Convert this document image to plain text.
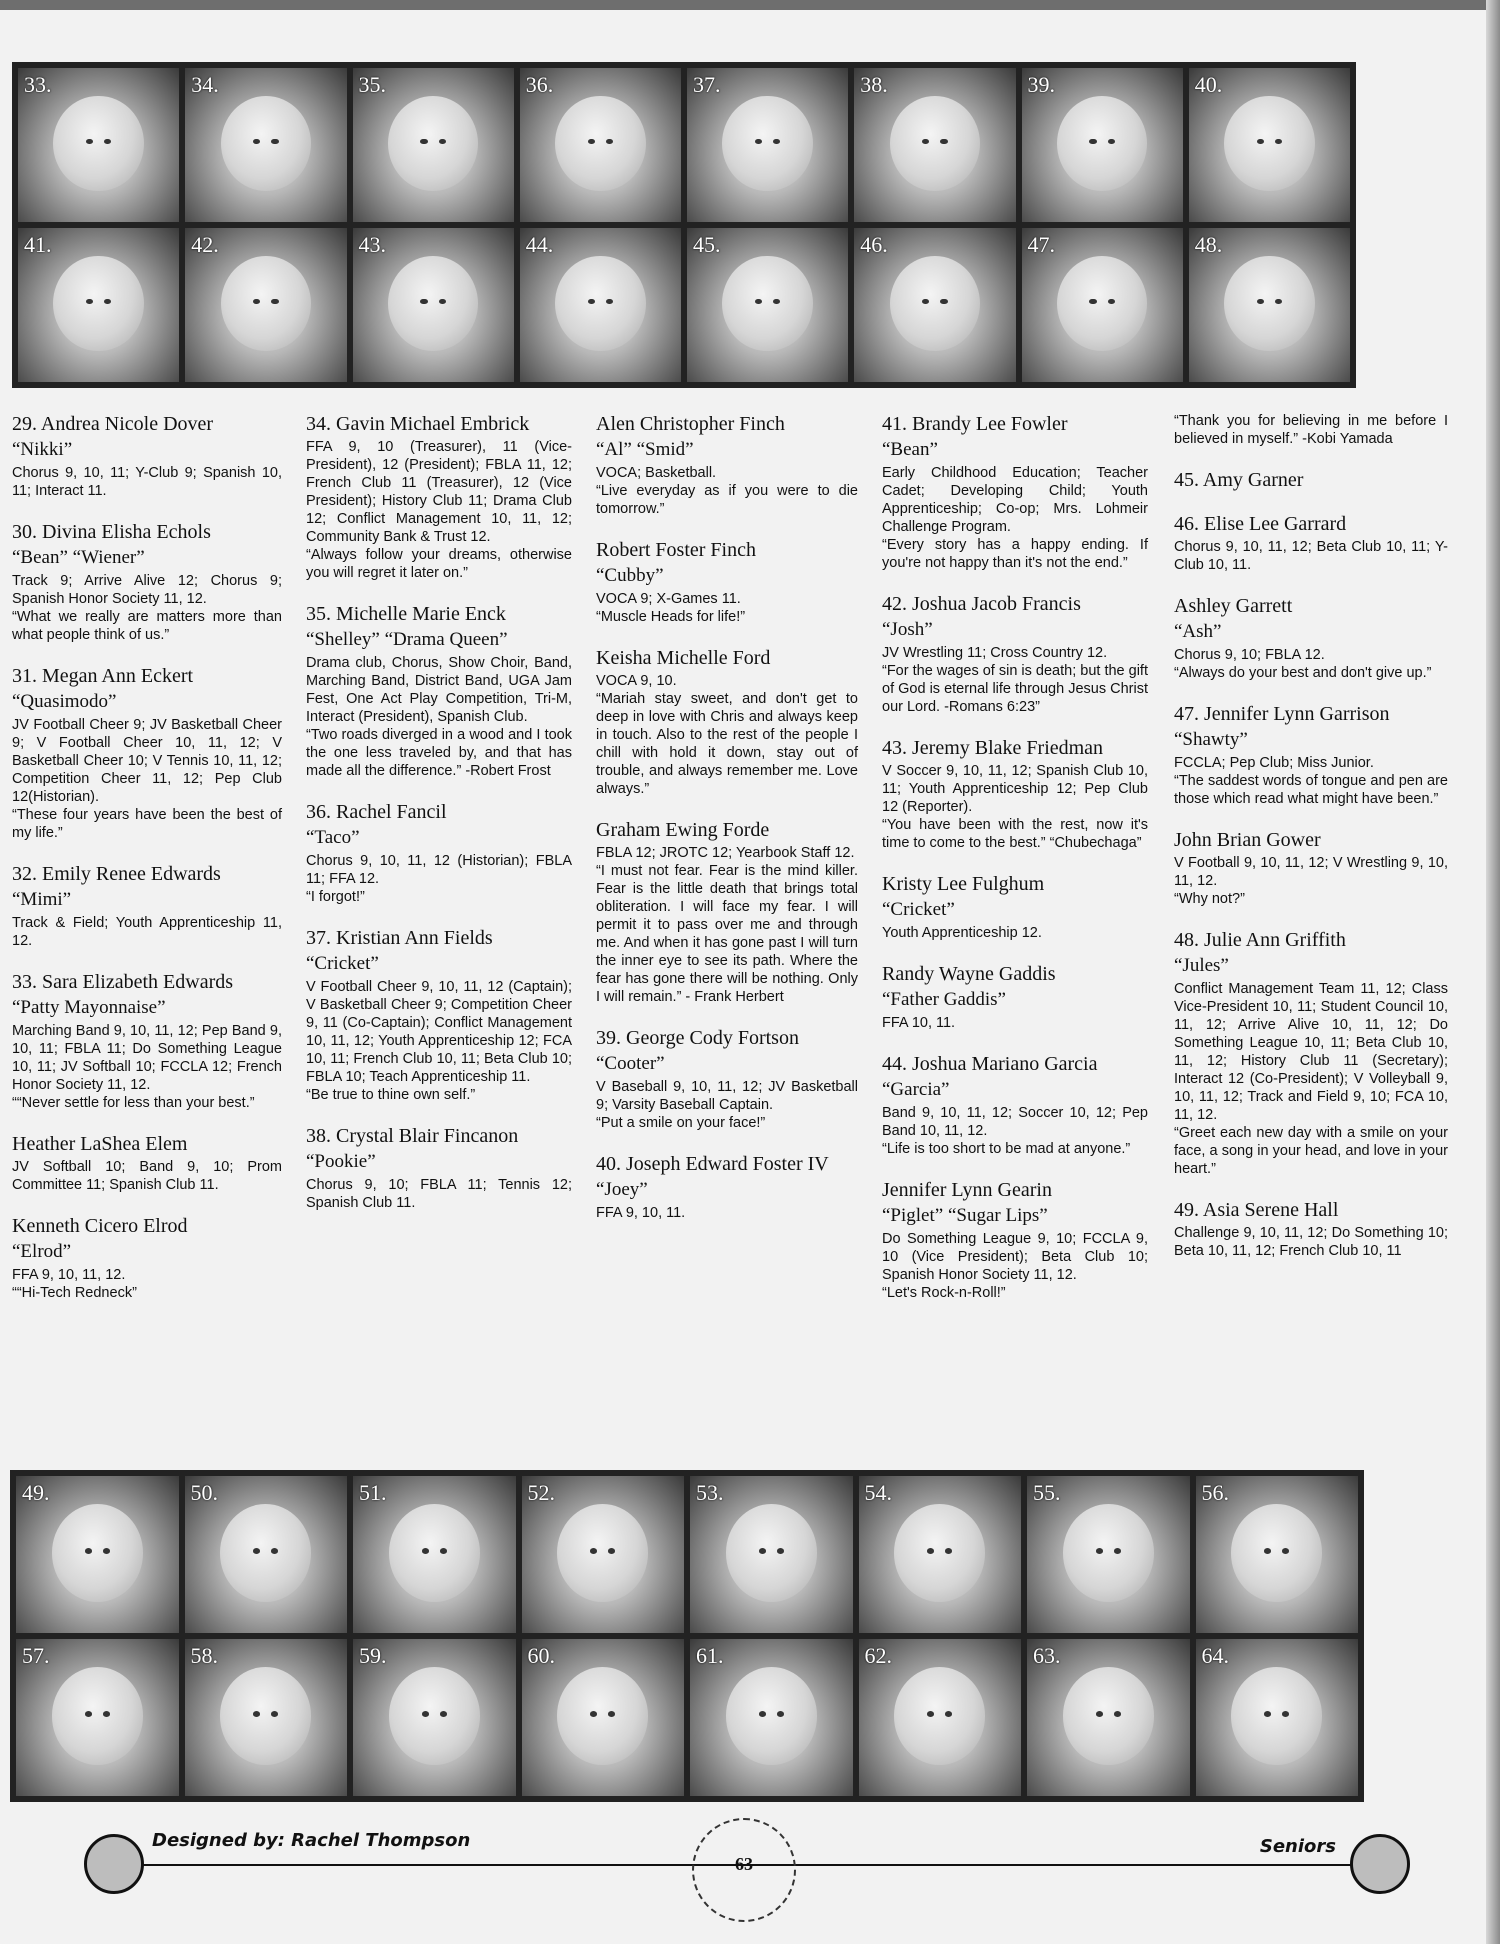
33.	34.	35.	36.	37.	38.	39.	40.
41.	42.	43.	44.	45.	46.	47.	48.
29. Andrea Nicole Dover
“Nikki”
Chorus 9, 10, 11; Y-Club 9; Spanish 10, 11; Interact 11.
30. Divina Elisha Echols
“Bean” “Wiener”
Track 9; Arrive Alive 12; Chorus 9; Spanish Honor Society 11, 12.
“What we really are matters more than what people think of us.”
31. Megan Ann Eckert
“Quasimodo”
JV Football Cheer 9; JV Basketball Cheer 9; V Football Cheer 10, 11, 12; V Basketball Cheer 10; V Tennis 10, 11, 12; Competition Cheer 11, 12; Pep Club 12(Historian).
“These four years have been the best of my life.”
32. Emily Renee Edwards
“Mimi”
Track & Field; Youth Apprenticeship 11, 12.
33. Sara Elizabeth Edwards
“Patty Mayonnaise”
Marching Band 9, 10, 11, 12; Pep Band 9, 10, 11; FBLA 11; Do Something League 10, 11; JV Softball 10; FCCLA 12; French Honor Society 11, 12.
““Never settle for less than your best.”
Heather LaShea Elem
JV Softball 10; Band 9, 10; Prom Committee 11; Spanish Club 11.
Kenneth Cicero Elrod
“Elrod”
FFA 9, 10, 11, 12.
““Hi-Tech Redneck”
34. Gavin Michael Embrick
FFA 9, 10 (Treasurer), 11 (Vice-President), 12 (President); FBLA 11, 12; French Club 11 (Treasurer), 12 (Vice President); History Club 11; Drama Club 12; Conflict Management 10, 11, 12; Community Bank & Trust 12.
“Always follow your dreams, otherwise you will regret it later on.”
35. Michelle Marie Enck
“Shelley” “Drama Queen”
Drama club, Chorus, Show Choir, Band, Marching Band, District Band, UGA Jam Fest, One Act Play Competition, Tri-M, Interact (President), Spanish Club.
“Two roads diverged in a wood and I took the one less traveled by, and that has made all the difference.” -Robert Frost
36. Rachel Fancil
“Taco”
Chorus 9, 10, 11, 12 (Historian); FBLA 11; FFA 12.
“I forgot!”
37. Kristian Ann Fields
“Cricket”
V Football Cheer 9, 10, 11, 12 (Captain); V Basketball Cheer 9; Competition Cheer 9, 11 (Co-Captain); Conflict Management 10, 11, 12; Youth Apprenticeship 12; FCA 10, 11; French Club 10, 11; Beta Club 10; FBLA 10; Teach Apprenticeship 11.
“Be true to thine own self.”
38. Crystal Blair Fincanon
“Pookie”
Chorus 9, 10; FBLA 11; Tennis 12; Spanish Club 11.
Alen Christopher Finch
“Al” “Smid”
VOCA; Basketball.
“Live everyday as if you were to die tomorrow.”
Robert Foster Finch
“Cubby”
VOCA 9; X-Games 11.
“Muscle Heads for life!”
Keisha Michelle Ford
VOCA 9, 10.
“Mariah stay sweet, and don't get to deep in love with Chris and always keep in touch. Also to the rest of the people I chill with hold it down, stay out of trouble, and always remember me. Love always.”
Graham Ewing Forde
FBLA 12; JROTC 12; Yearbook Staff 12.
“I must not fear. Fear is the mind killer. Fear is the little death that brings total obliteration. I will face my fear. I will permit it to pass over me and through me. And when it has gone past I will turn the inner eye to see its path. Where the fear has gone there will be nothing. Only I will remain.” - Frank Herbert
39. George Cody Fortson
“Cooter”
V Baseball 9, 10, 11, 12; JV Basketball 9; Varsity Baseball Captain.
“Put a smile on your face!”
40. Joseph Edward Foster IV
“Joey”
FFA 9, 10, 11.
41. Brandy Lee Fowler
“Bean”
Early Childhood Education; Teacher Cadet; Developing Child; Youth Apprenticeship; Co-op; Mrs. Lohmeir Challenge Program.
“Every story has a happy ending. If you're not happy than it's not the end.”
42. Joshua Jacob Francis
“Josh”
JV Wrestling 11; Cross Country 12.
“For the wages of sin is death; but the gift of God is eternal life through Jesus Christ our Lord. -Romans 6:23”
43. Jeremy Blake Friedman
V Soccer 9, 10, 11, 12; Spanish Club 10, 11; Youth Apprenticeship 12; Pep Club 12 (Reporter).
“You have been with the rest, now it's time to come to the best.” “Chubechaga”
Kristy Lee Fulghum
“Cricket”
Youth Apprenticeship 12.
Randy Wayne Gaddis
“Father Gaddis”
FFA 10, 11.
44. Joshua Mariano Garcia
“Garcia”
Band 9, 10, 11, 12; Soccer 10, 12; Pep Band 10, 11, 12.
“Life is too short to be mad at anyone.”
Jennifer Lynn Gearin
“Piglet” “Sugar Lips”
Do Something League 9, 10; FCCLA 9, 10 (Vice President); Beta Club 10; Spanish Honor Society 11, 12.
“Let's Rock-n-Roll!”
“Thank you for believing in me before I believed in myself.” -Kobi Yamada
45. Amy Garner
46. Elise Lee Garrard
Chorus 9, 10, 11, 12; Beta Club 10, 11; Y-Club 10, 11.
Ashley Garrett
“Ash”
Chorus 9, 10; FBLA 12.
“Always do your best and don't give up.”
47. Jennifer Lynn Garrison
“Shawty”
FCCLA; Pep Club; Miss Junior.
“The saddest words of tongue and pen are those which read what might have been.”
John Brian Gower
V Football 9, 10, 11, 12; V Wrestling 9, 10, 11, 12.
“Why not?”
48. Julie Ann Griffith
“Jules”
Conflict Management Team 11, 12; Class Vice-President 10, 11; Student Council 10, 11, 12; Arrive Alive 10, 11, 12; Do Something League 10, 11; Beta Club 10, 11, 12; History Club 11 (Secretary); Interact 12 (Co-President); V Volleyball 9, 10, 11, 12; Track and Field 9, 10; FCA 10, 11, 12.
“Greet each new day with a smile on your face, a song in your head, and love in your heart.”
49. Asia Serene Hall
Challenge 9, 10, 11, 12; Do Something 10; Beta 10, 11, 12; French Club 10, 11
49.	50.	51.	52.	53.	54.	55.	56.
57.	58.	59.	60.	61.	62.	63.	64.
Designed by: Rachel Thompson
63
Seniors
